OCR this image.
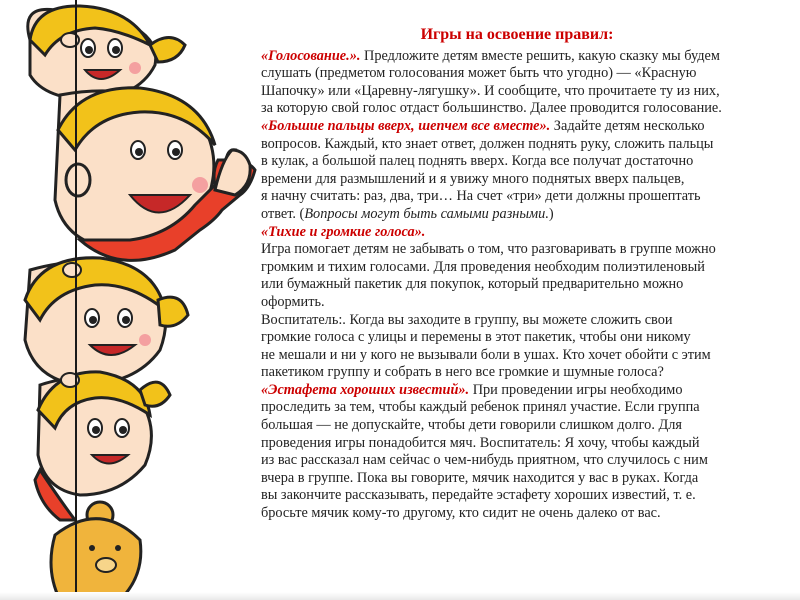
Игры на освоение правил:
«Голосование.». Предложите детям вместе решить, какую сказку мы будем
слушать (предметом голосования может быть что угодно) — «Красную
Шапочку» или «Царевну-лягушку». И сообщите, что прочитаете ту из них,
за которую свой голос отдаст большинство. Далее проводится голосование.
«Большие пальцы вверх, шепчем все вместе». Задайте детям несколько
вопросов. Каждый, кто знает ответ, должен поднять руку, сложить пальцы
в кулак, а большой палец поднять вверх. Когда все получат достаточно
времени для размышлений и я увижу много поднятых вверх пальцев,
я начну считать: раз, два, три… На счет «три» дети должны прошептать
ответ. (Вопросы могут быть самыми разными.)
«Тихие и громкие голоса».
Игра помогает детям не забывать о том, что разговаривать в группе можно
громким и тихим голосами. Для проведения необходим полиэтиленовый
или бумажный пакетик для покупок, который предварительно можно
оформить.
Воспитатель:. Когда вы заходите в группу, вы можете сложить свои
громкие голоса с улицы и перемены в этот пакетик, чтобы они никому
не мешали и ни у кого не вызывали боли в ушах. Кто хочет обойти с этим
пакетиком группу и собрать в него все громкие и шумные голоса?
«Эстафета хороших известий». При проведении игры необходимо
проследить за тем, чтобы каждый ребенок принял участие. Если группа
большая — не допускайте, чтобы дети говорили слишком долго. Для
проведения игры понадобится мяч. Воспитатель: Я хочу, чтобы каждый
из вас рассказал нам сейчас о чем-нибудь приятном, что случилось с ним
вчера в группе. Пока вы говорите, мячик находится у вас в руках. Когда
вы закончите рассказывать, передайте эстафету хороших известий, т. е.
бросьте мячик кому-то другому, кто сидит не очень далеко от вас.
